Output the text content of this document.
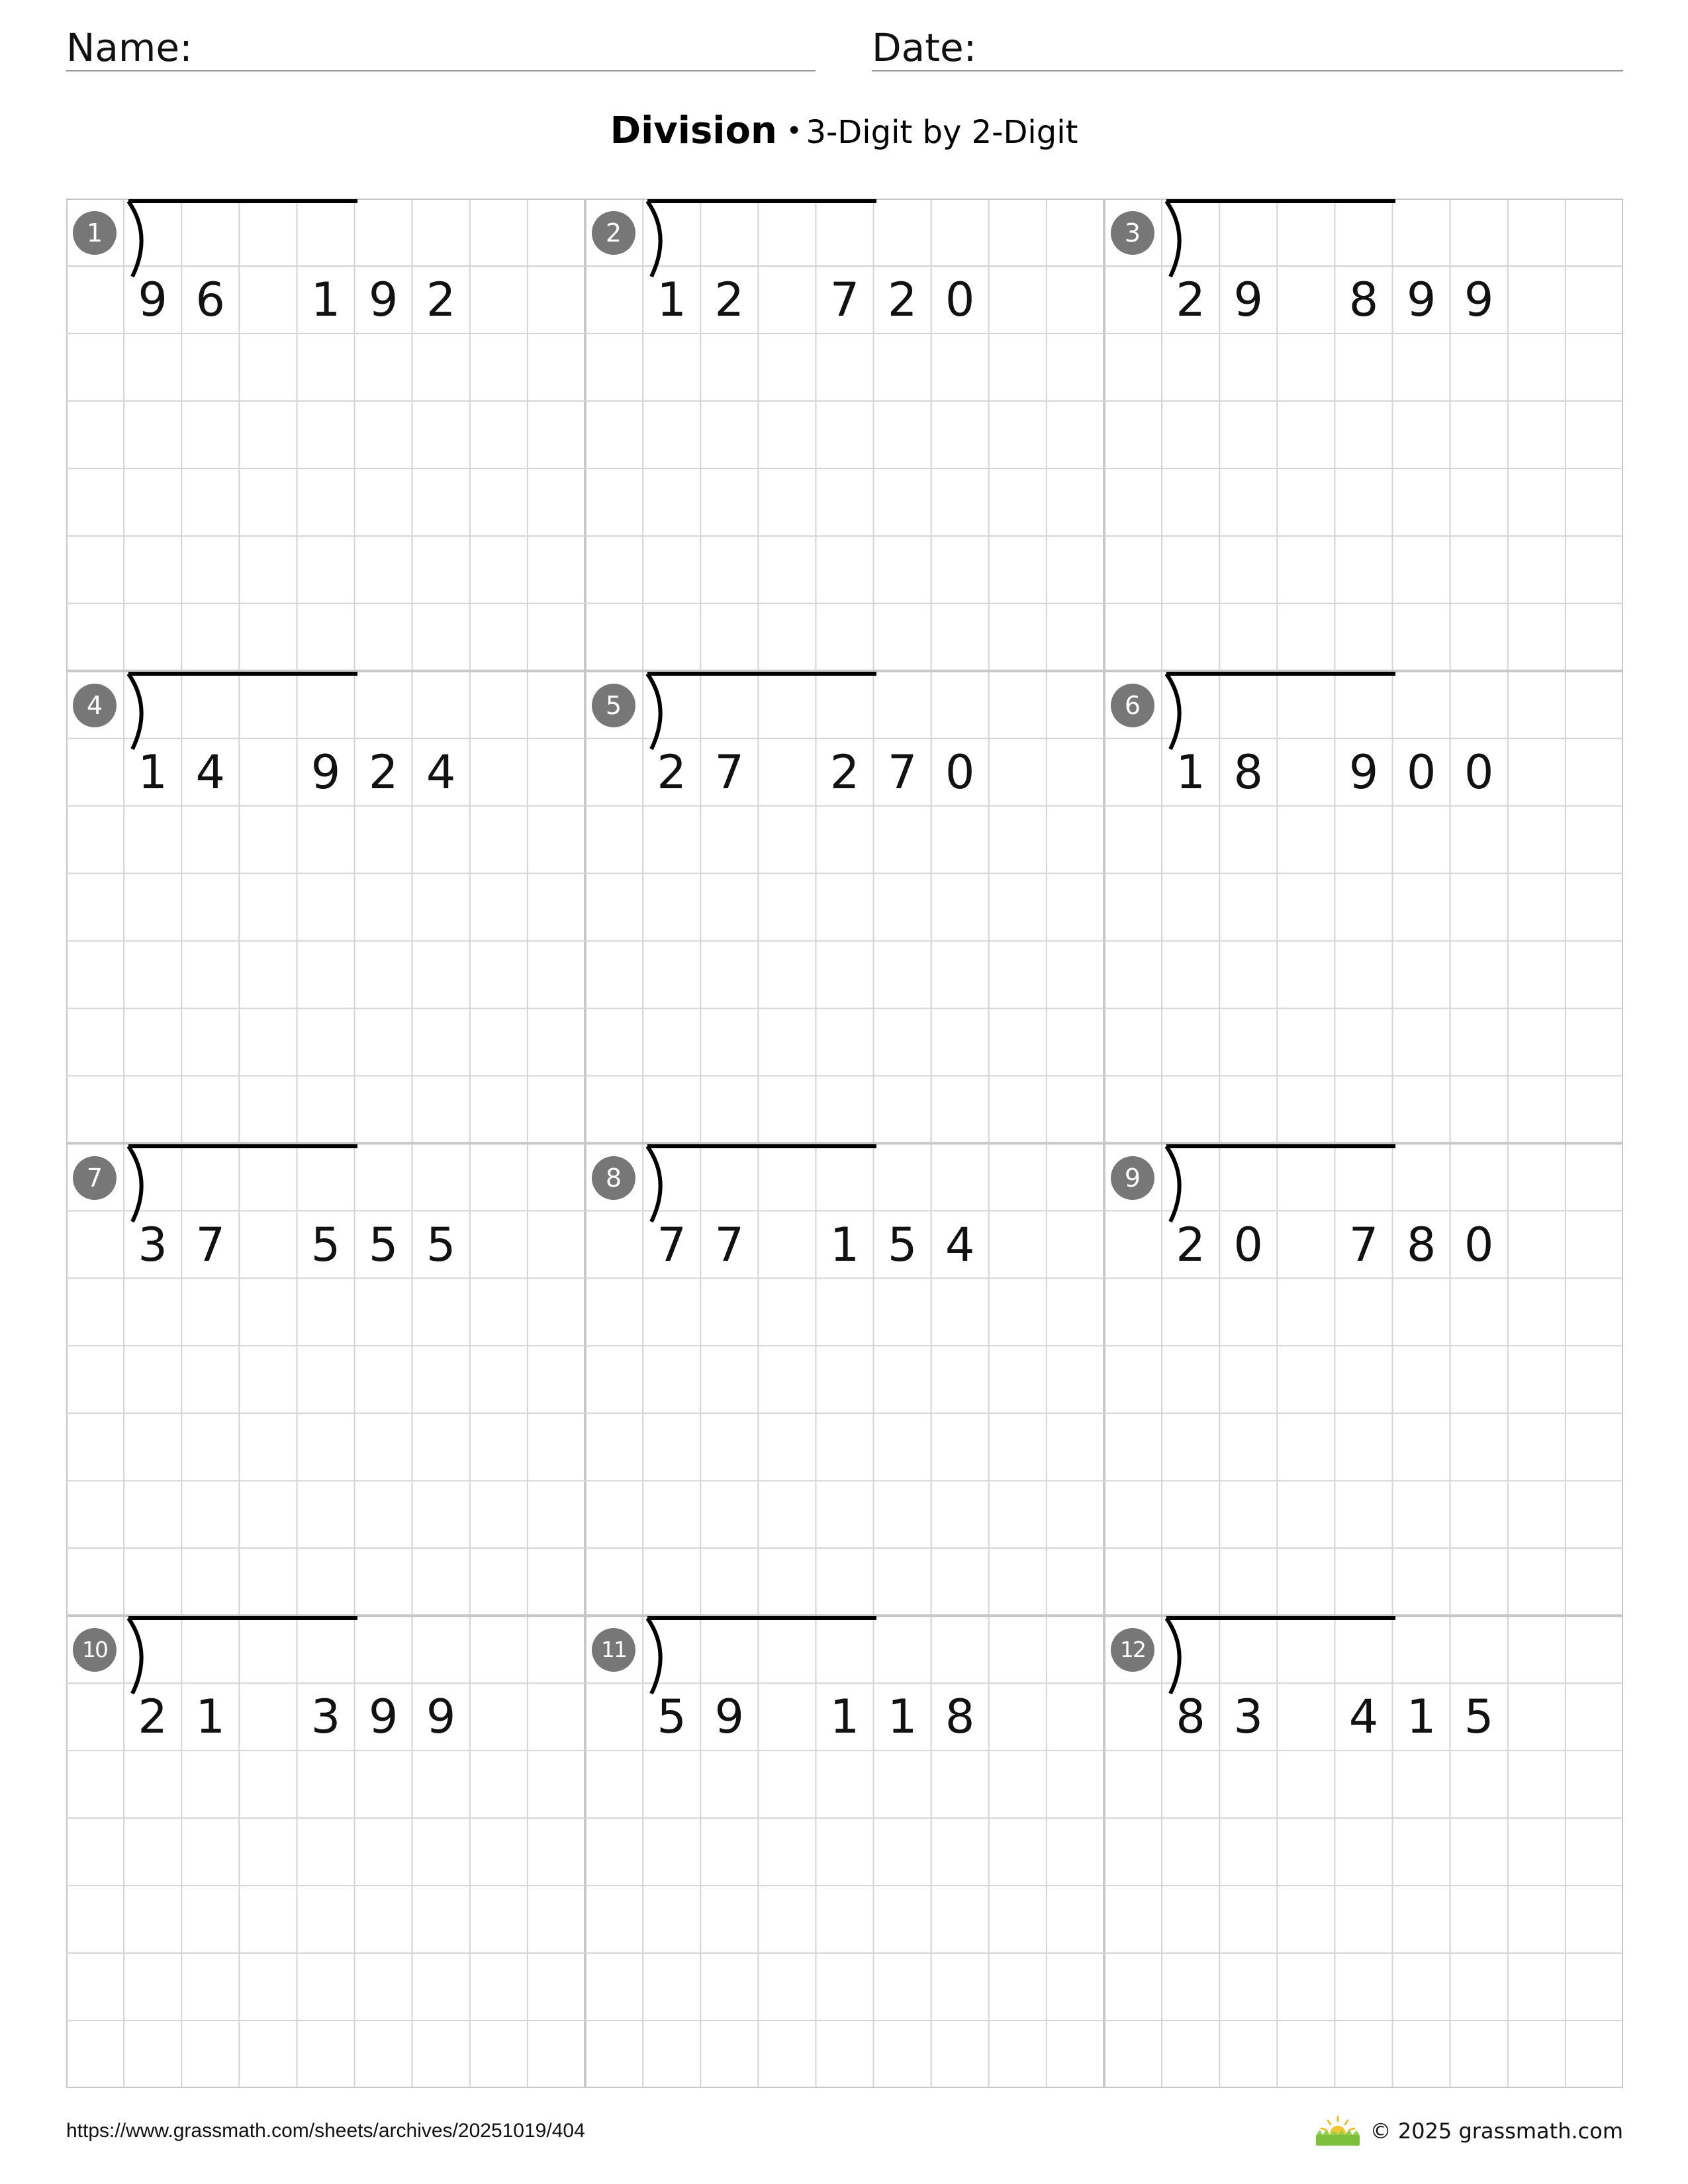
Name:	Date:
Division • 3-Digit by 2-Digit
1
9 6	1 9 2
2
1 2	7 2 0
3
2 9	8 9 9
4
1 4	9 2 4
5
2 7	2 7 0
6
1 8	9 0 0
7
3 7	5 5 5
8
7 7	1 5 4
9
2 0	7 8 0
10
2 1	3 9 9
11
5 9	1 1 8
12
8 3	4 1 5
https://www.grassmath.com/sheets/archives/20251019/404	© 2025 grassmath.com
